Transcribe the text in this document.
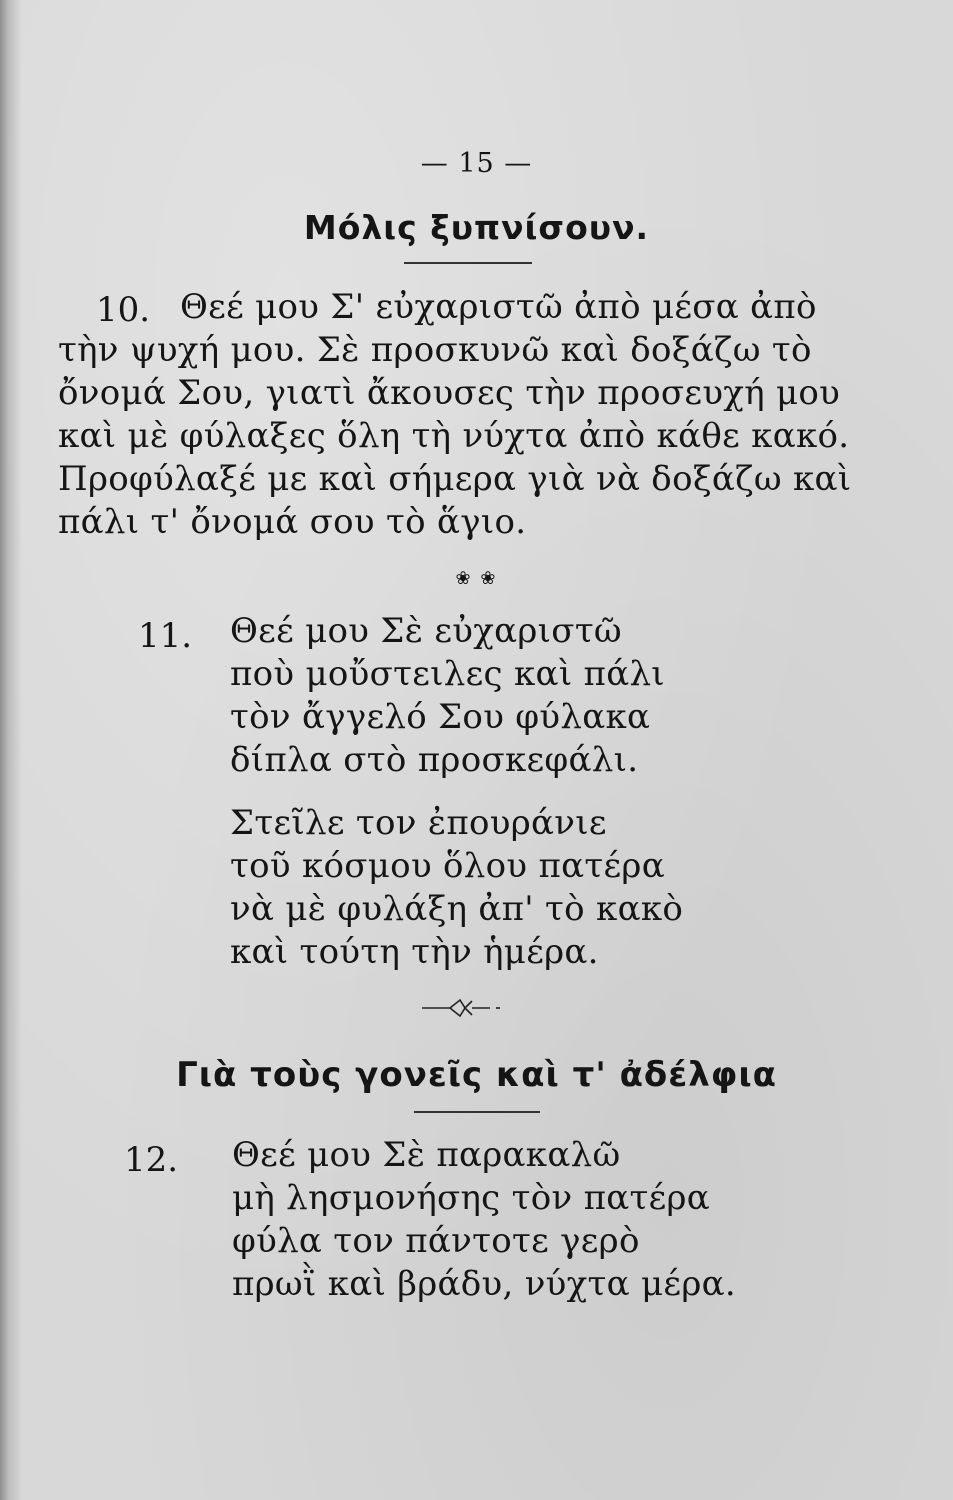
— 15 —
Μόλις ξυπνίσουν.
10. Θεέ μου Σ' εὐχαριστῶ ἀπὸ μέσα ἀπὸ
τὴν ψυχή μου. Σὲ προσκυνῶ καὶ δοξάζω τὸ
ὄνομά Σου, γιατὶ ἄκουσες τὴν προσευχή μου
καὶ μὲ φύλαξες ὅλη τὴ νύχτα ἀπὸ κάθε κακό.
Προφύλαξέ με καὶ σήμερα γιὰ νὰ δοξάζω καὶ
πάλι τ' ὄνομά σου τὸ ἅγιο.
❀ ❀
11. Θεέ μου Σὲ εὐχαριστῶ
ποὺ μοὔστειλες καὶ πάλι
τὸν ἄγγελό Σου φύλακα
δίπλα στὸ προσκεφάλι.
Στεῖλε τον ἐπουράνιε
τοῦ κόσμου ὅλου πατέρα
νὰ μὲ φυλάξη ἀπ' τὸ κακὸ
καὶ τούτη τὴν ἡμέρα.
Γιὰ τοὺς γονεῖς καὶ τ' ἀδέλφια
12. Θεέ μου Σὲ παρακαλῶ
μὴ λησμονήσης τὸν πατέρα
φύλα τον πάντοτε γερὸ
πρωῒ καὶ βράδυ, νύχτα μέρα.
